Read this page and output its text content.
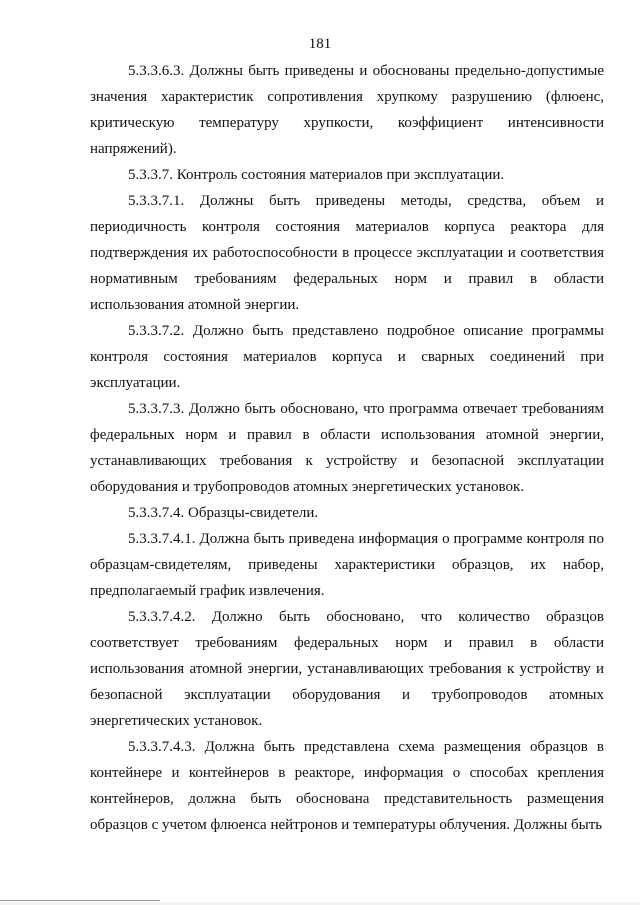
181

5.3.3.6.3. Должны быть приведены и обоснованы предельно-допустимые значения характеристик сопротивления хрупкому разрушению (флюенс, критическую температуру хрупкости, коэффициент интенсивности напряжений).

5.3.3.7. Контроль состояния материалов при эксплуатации.

5.3.3.7.1. Должны быть приведены методы, средства, объем и периодичность контроля состояния материалов корпуса реактора для подтверждения их работоспособности в процессе эксплуатации и соответствия нормативным требованиям федеральных норм и правил в области использования атомной энергии.

5.3.3.7.2. Должно быть представлено подробное описание программы контроля состояния материалов корпуса и сварных соединений при эксплуатации.

5.3.3.7.3. Должно быть обосновано, что программа отвечает требованиям федеральных норм и правил в области использования атомной энергии, устанавливающих требования к устройству и безопасной эксплуатации оборудования и трубопроводов атомных энергетических установок.

5.3.3.7.4. Образцы-свидетели.

5.3.3.7.4.1. Должна быть приведена информация о программе контроля по образцам-свидетелям, приведены характеристики образцов, их набор, предполагаемый график извлечения.

5.3.3.7.4.2. Должно быть обосновано, что количество образцов соответствует требованиям федеральных норм и правил в области использования атомной энергии, устанавливающих требования к устройству и безопасной эксплуатации оборудования и трубопроводов атомных энергетических установок.

5.3.3.7.4.3. Должна быть представлена схема размещения образцов в контейнере и контейнеров в реакторе, информация о способах крепления контейнеров, должна быть обоснована представительность размещения образцов с учетом флюенса нейтронов и температуры облучения. Должны быть
